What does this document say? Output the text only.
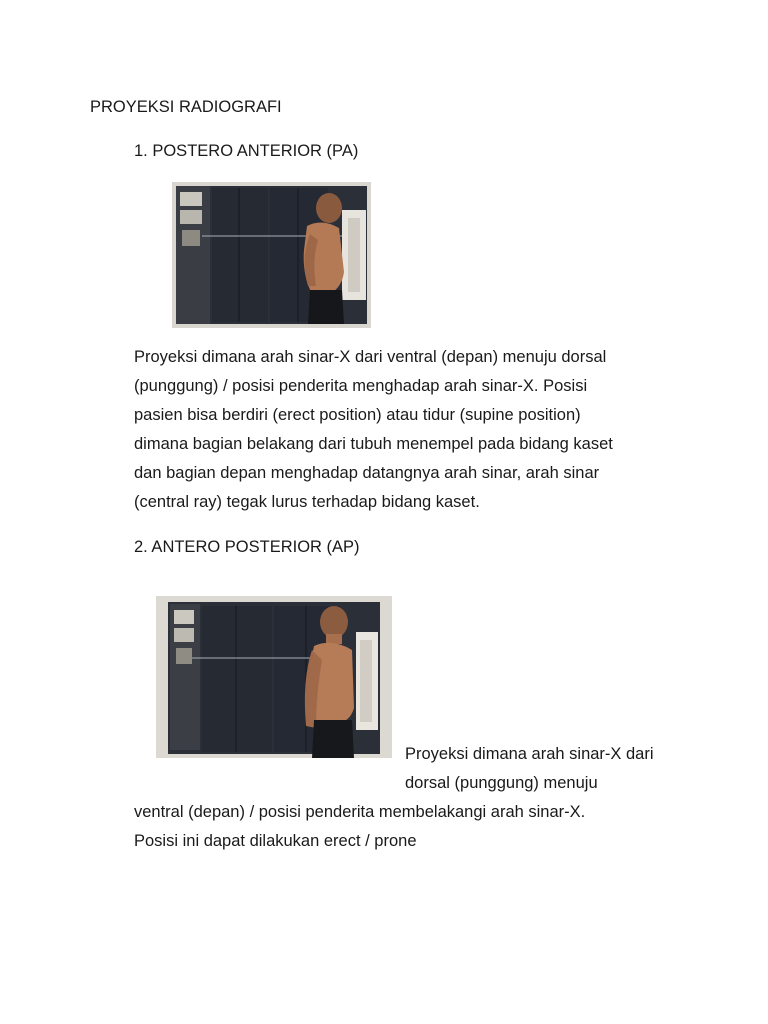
PROYEKSI RADIOGRAFI
1. POSTERO ANTERIOR (PA)
Proyeksi dimana arah sinar-X dari ventral (depan) menuju dorsal
(punggung) / posisi penderita menghadap arah sinar-X. Posisi
pasien bisa berdiri (erect position) atau tidur (supine position)
dimana bagian belakang dari tubuh menempel pada bidang kaset
dan bagian depan menghadap datangnya arah sinar, arah sinar
(central ray) tegak lurus terhadap bidang kaset.
2. ANTERO POSTERIOR (AP)
Proyeksi dimana arah sinar-X dari
dorsal (punggung) menuju
ventral (depan) / posisi penderita membelakangi arah sinar-X.
Posisi ini dapat dilakukan erect / prone
